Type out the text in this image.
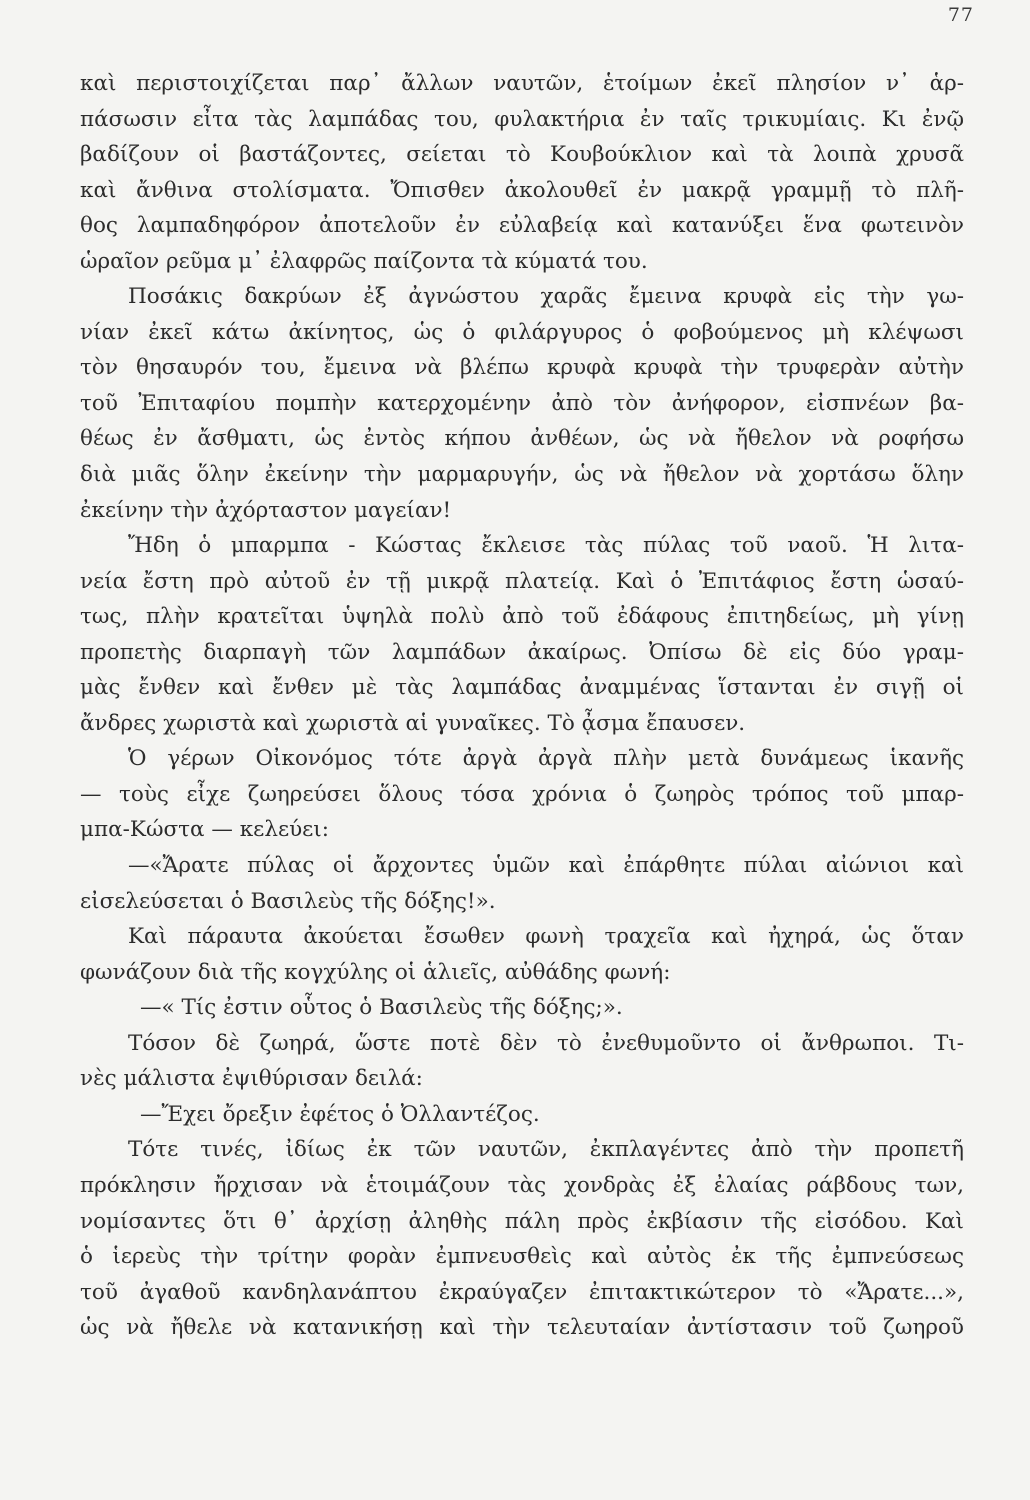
77
καὶ περιστοιχίζεται παρ᾽ ἄλλων ναυτῶν, ἑτοίμων ἐκεῖ πλησίον ν᾽ ἁρ-
πάσωσιν εἶτα τὰς λαμπάδας του, φυλακτήρια ἐν ταῖς τρικυμίαις. Κι ἐνῷ
βαδίζουν οἱ βαστάζοντες, σείεται τὸ Κουβούκλιον καὶ τὰ λοιπὰ χρυσᾶ
καὶ ἄνθινα στολίσματα. Ὄπισθεν ἀκολουθεῖ ἐν μακρᾷ γραμμῇ τὸ πλῆ-
θος λαμπαδηφόρον ἀποτελοῦν ἐν εὐλαβείᾳ καὶ κατανύξει ἕνα φωτεινὸν
ὡραῖον ρεῦμα μ᾽ ἐλαφρῶς παίζοντα τὰ κύματά του.
Ποσάκις δακρύων ἐξ ἀγνώστου χαρᾶς ἔμεινα κρυφὰ εἰς τὴν γω-
νίαν ἐκεῖ κάτω ἀκίνητος, ὡς ὁ φιλάργυρος ὁ φοβούμενος μὴ κλέψωσι
τὸν θησαυρόν του, ἔμεινα νὰ βλέπω κρυφὰ κρυφὰ τὴν τρυφερὰν αὐτὴν
τοῦ Ἐπιταφίου πομπὴν κατερχομένην ἀπὸ τὸν ἀνήφορον, εἰσπνέων βα-
θέως ἐν ἄσθματι, ὡς ἐντὸς κήπου ἀνθέων, ὡς νὰ ἤθελον νὰ ροφήσω
διὰ μιᾶς ὅλην ἐκείνην τὴν μαρμαρυγήν, ὡς νὰ ἤθελον νὰ χορτάσω ὅλην
ἐκείνην τὴν ἀχόρταστον μαγείαν!
Ἤδη ὁ μπαρμπα - Κώστας ἔκλεισε τὰς πύλας τοῦ ναοῦ. Ἡ λιτα-
νεία ἔστη πρὸ αὐτοῦ ἐν τῇ μικρᾷ πλατείᾳ. Καὶ ὁ Ἐπιτάφιος ἔστη ὡσαύ-
τως, πλὴν κρατεῖται ὑψηλὰ πολὺ ἀπὸ τοῦ ἐδάφους ἐπιτηδείως, μὴ γίνῃ
προπετὴς διαρπαγὴ τῶν λαμπάδων ἀκαίρως. Ὀπίσω δὲ εἰς δύο γραμ-
μὰς ἔνθεν καὶ ἔνθεν μὲ τὰς λαμπάδας ἀναμμένας ἵστανται ἐν σιγῇ οἱ
ἄνδρες χωριστὰ καὶ χωριστὰ αἱ γυναῖκες. Τὸ ᾆσμα ἔπαυσεν.
Ὁ γέρων Οἰκονόμος τότε ἀργὰ ἀργὰ πλὴν μετὰ δυνάμεως ἱκανῆς
— τοὺς εἶχε ζωηρεύσει ὅλους τόσα χρόνια ὁ ζωηρὸς τρόπος τοῦ μπαρ-
μπα-Κώστα — κελεύει:
—«Ἄρατε πύλας οἱ ἄρχοντες ὑμῶν καὶ ἐπάρθητε πύλαι αἰώνιοι καὶ
εἰσελεύσεται ὁ Βασιλεὺς τῆς δόξης!».
Καὶ πάραυτα ἀκούεται ἔσωθεν φωνὴ τραχεῖα καὶ ἠχηρά, ὡς ὅταν
φωνάζουν διὰ τῆς κογχύλης οἱ ἁλιεῖς, αὐθάδης φωνή:
—« Τίς ἐστιν οὗτος ὁ Βασιλεὺς τῆς δόξης;».
Τόσον δὲ ζωηρά, ὥστε ποτὲ δὲν τὸ ἐνεθυμοῦντο οἱ ἄνθρωποι. Τι-
νὲς μάλιστα ἐψιθύρισαν δειλά:
—Ἔχει ὄρεξιν ἐφέτος ὁ Ὀλλαντέζος.
Τότε τινές, ἰδίως ἐκ τῶν ναυτῶν, ἐκπλαγέντες ἀπὸ τὴν προπετῆ
πρόκλησιν ἤρχισαν νὰ ἑτοιμάζουν τὰς χονδρὰς ἐξ ἐλαίας ράβδους των,
νομίσαντες ὅτι θ᾽ ἀρχίσῃ ἀληθὴς πάλη πρὸς ἐκβίασιν τῆς εἰσόδου. Καὶ
ὁ ἱερεὺς τὴν τρίτην φορὰν ἐμπνευσθεὶς καὶ αὐτὸς ἐκ τῆς ἐμπνεύσεως
τοῦ ἀγαθοῦ κανδηλανάπτου ἐκραύγαζεν ἐπιτακτικώτερον τὸ «Ἄρατε...»,
ὡς νὰ ἤθελε νὰ κατανικήσῃ καὶ τὴν τελευταίαν ἀντίστασιν τοῦ ζωηροῦ
